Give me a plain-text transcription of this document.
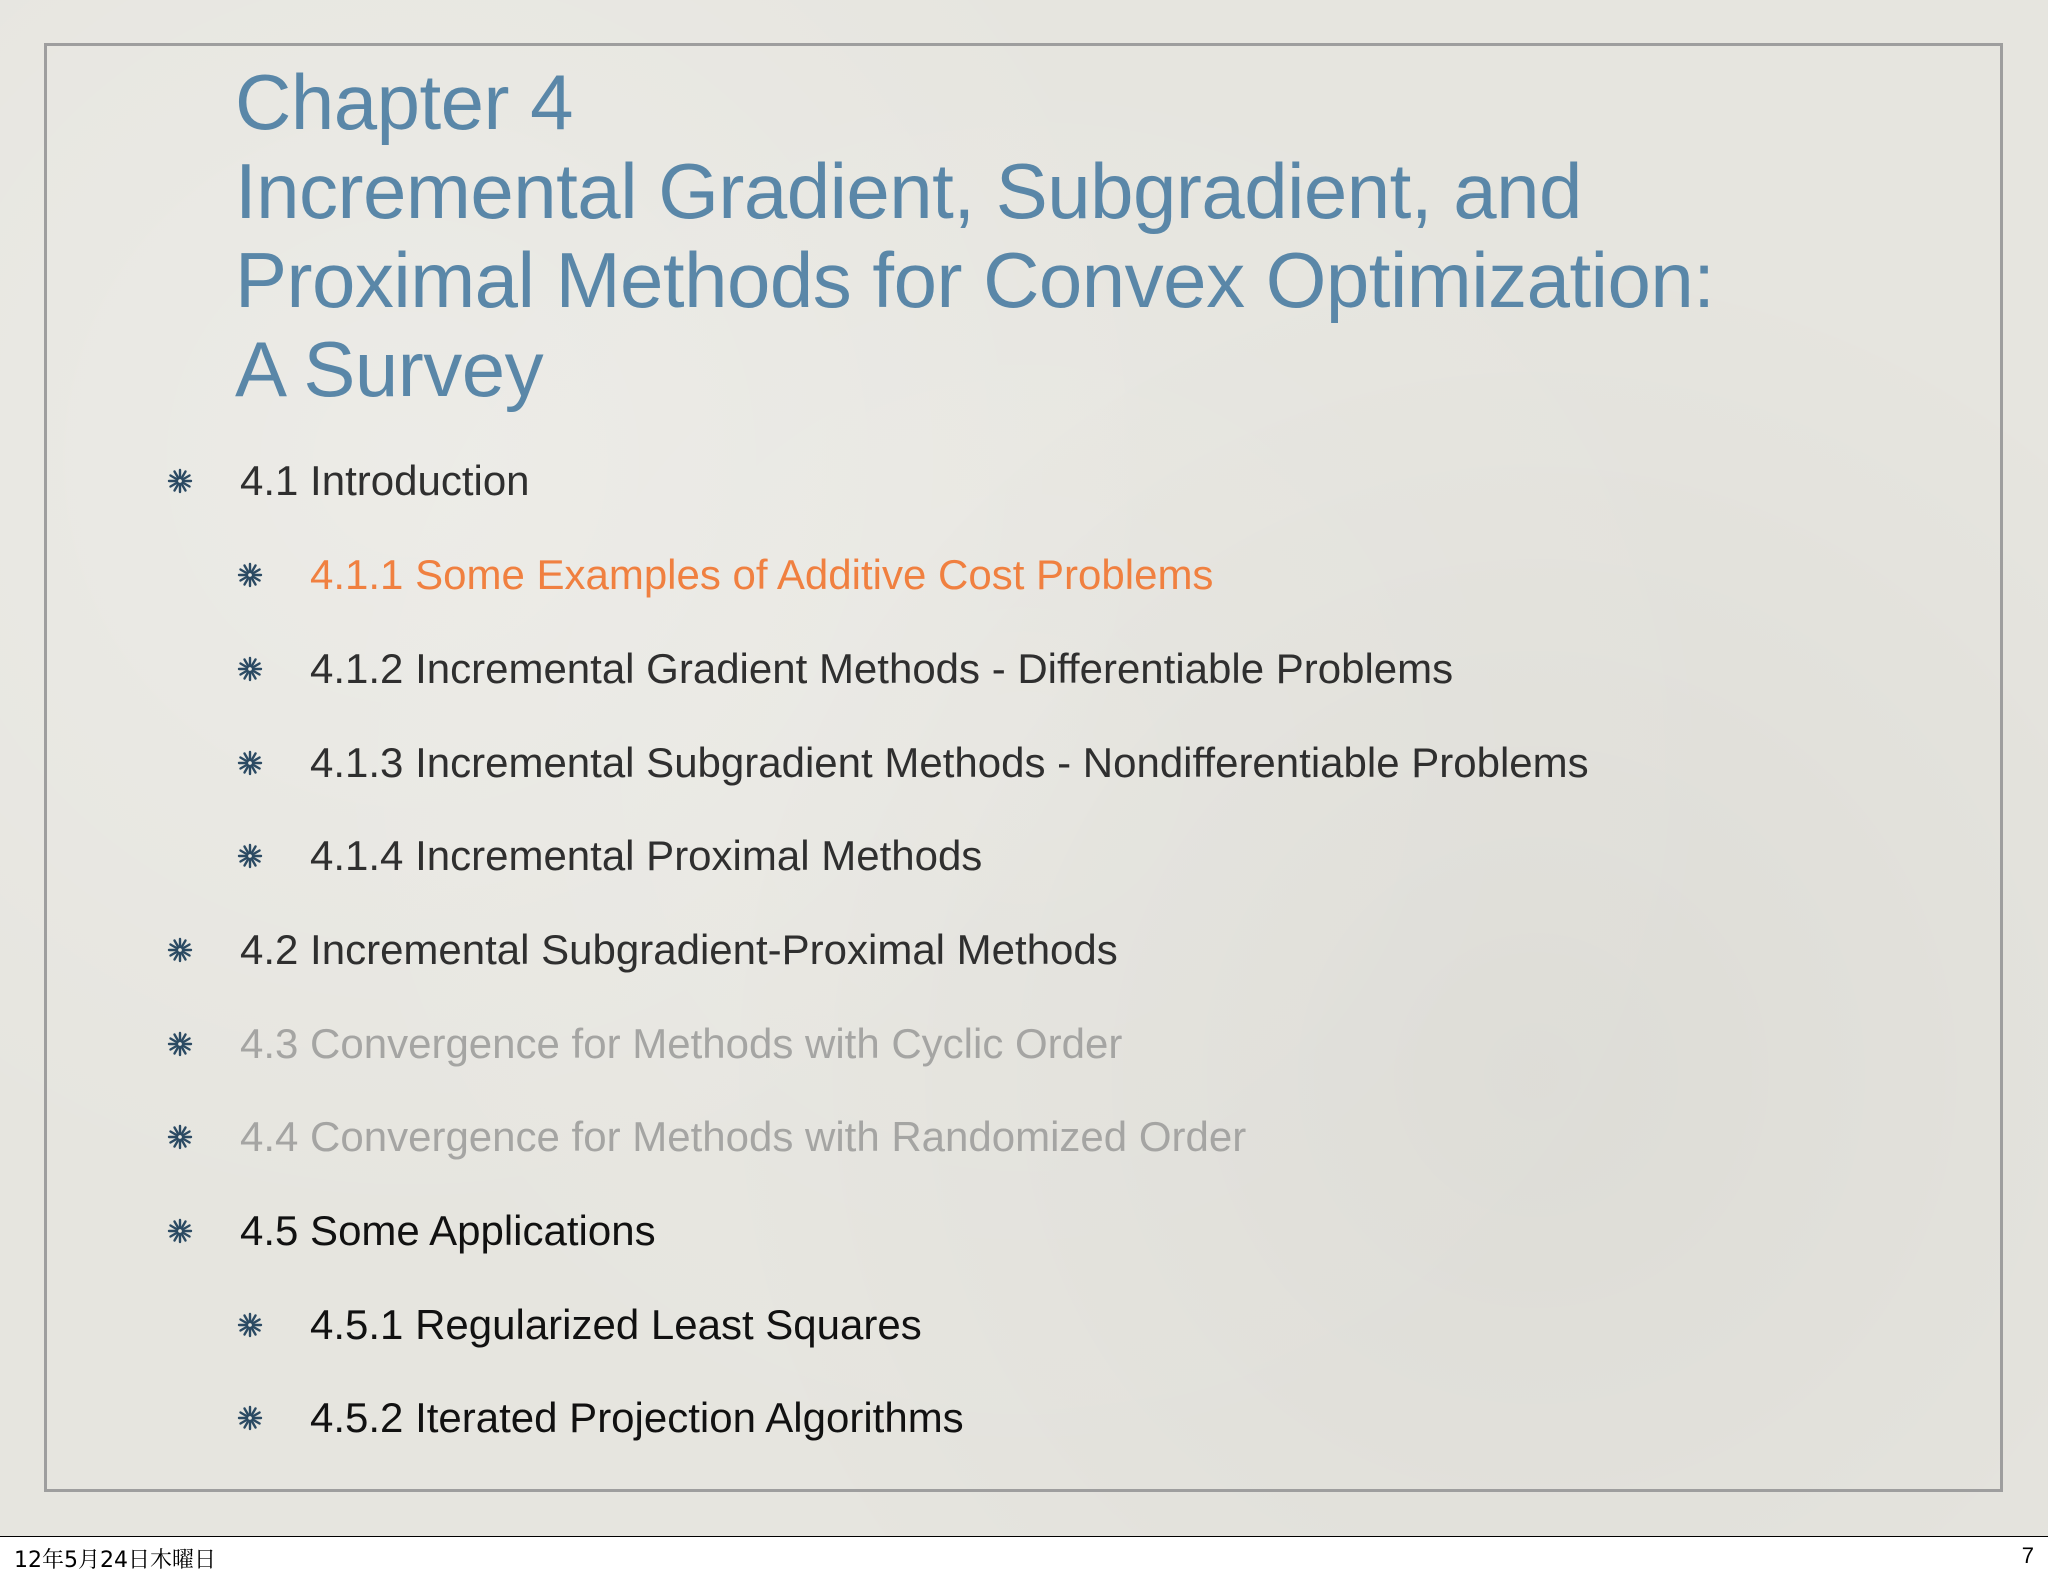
Chapter 4
Incremental Gradient, Subgradient, and
Proximal Methods for Convex Optimization:
A Survey
4.1 Introduction
4.1.1 Some Examples of Additive Cost Problems
4.1.2 Incremental Gradient Methods - Differentiable Problems
4.1.3 Incremental Subgradient Methods - Nondifferentiable Problems
4.1.4 Incremental Proximal Methods
4.2 Incremental Subgradient-Proximal Methods
4.3 Convergence for Methods with Cyclic Order
4.4 Convergence for Methods with Randomized Order
4.5 Some Applications
4.5.1 Regularized Least Squares
4.5.2 Iterated Projection Algorithms
12年5月24日木曜日	7
